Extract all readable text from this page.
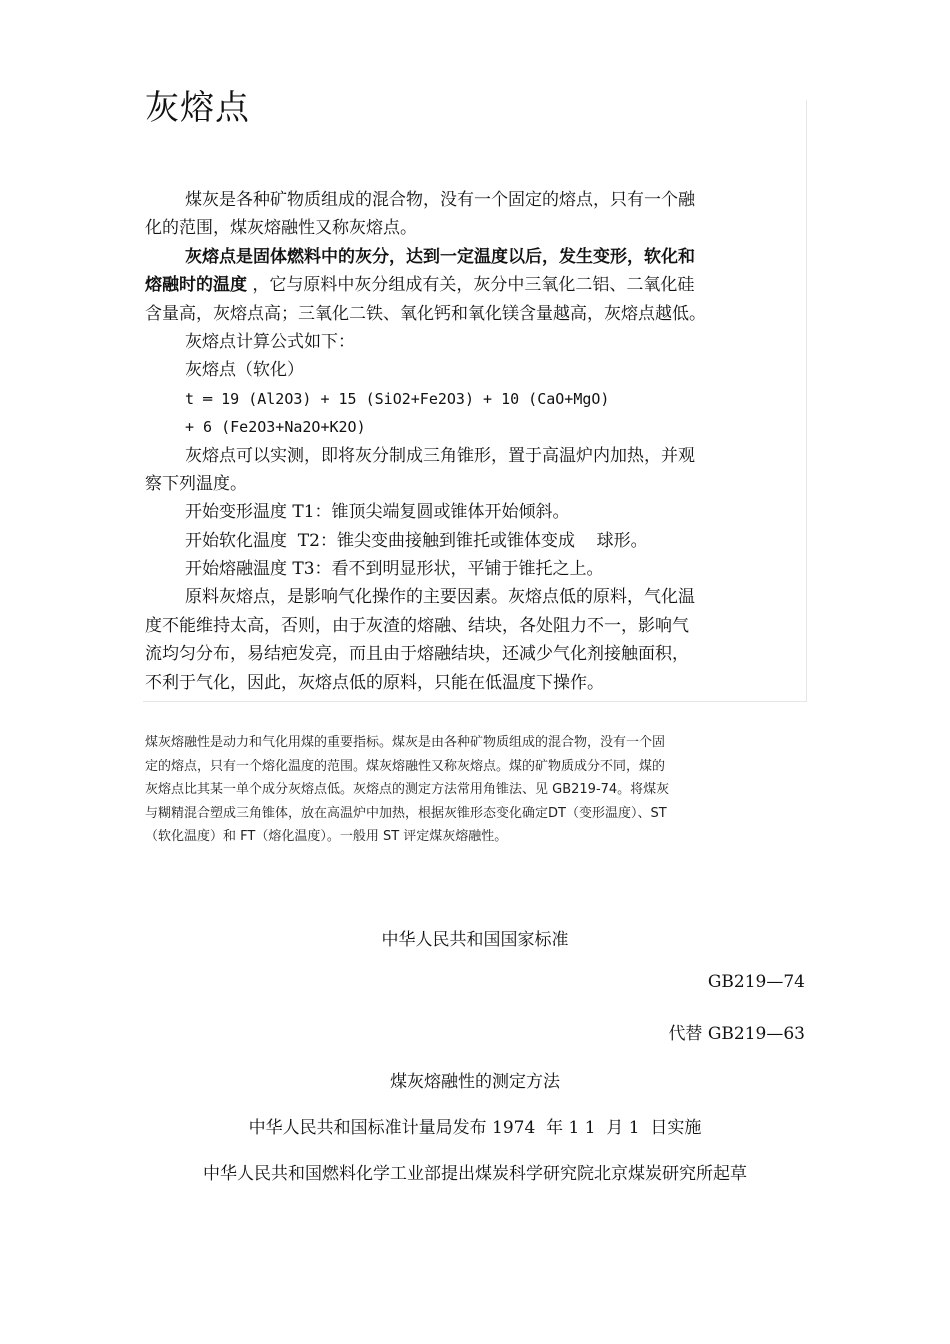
灰熔点
煤灰是各种矿物质组成的混合物，没有一个固定的熔点，只有一个融
化的范围，煤灰熔融性又称灰熔点。
灰熔点是固体燃料中的灰分，达到一定温度以后，发生变形，软化和
熔融时的温度 ，它与原料中灰分组成有关，灰分中三氧化二铝、二氧化硅
含量高，灰熔点高；三氧化二铁、氧化钙和氧化镁含量越高，灰熔点越低。
灰熔点计算公式如下：
灰熔点（软化）
t ═ 19 (Al2O3) + 15 (SiO2+Fe2O3) + 10 (CaO+MgO)
+ 6 (Fe2O3+Na2O+K2O)
灰熔点可以实测，即将灰分制成三角锥形，置于高温炉内加热，并观
察下列温度。
开始变形温度 T1：锥顶尖端复圆或锥体开始倾斜。
开始软化温度  T2：锥尖变曲接触到锥托或锥体变成    球形。
开始熔融温度 T3：看不到明显形状，平铺于锥托之上。
原料灰熔点，是影响气化操作的主要因素。灰熔点低的原料，气化温
度不能维持太高，否则，由于灰渣的熔融、结块，各处阻力不一，影响气
流均匀分布，易结疤发亮，而且由于熔融结块，还减少气化剂接触面积，
不利于气化，因此，灰熔点低的原料，只能在低温度下操作。
煤灰熔融性是动力和气化用煤的重要指标。煤灰是由各种矿物质组成的混合物，没有一个固
定的熔点，只有一个熔化温度的范围。煤灰熔融性又称灰熔点。煤的矿物质成分不同，煤的
灰熔点比其某一单个成分灰熔点低。灰熔点的测定方法常用角锥法、见 GB219-74。将煤灰
与糊精混合塑成三角锥体，放在高温炉中加热，根据灰锥形态变化确定DT（变形温度）、ST
（软化温度）和 FT（熔化温度）。一般用 ST 评定煤灰熔融性。
中华人民共和国国家标准
GB219—74
代替 GB219—63
煤灰熔融性的测定方法
中华人民共和国标准计量局发布 1974  年 1 1  月 1  日实施
中华人民共和国燃料化学工业部提出煤炭科学研究院北京煤炭研究所起草
